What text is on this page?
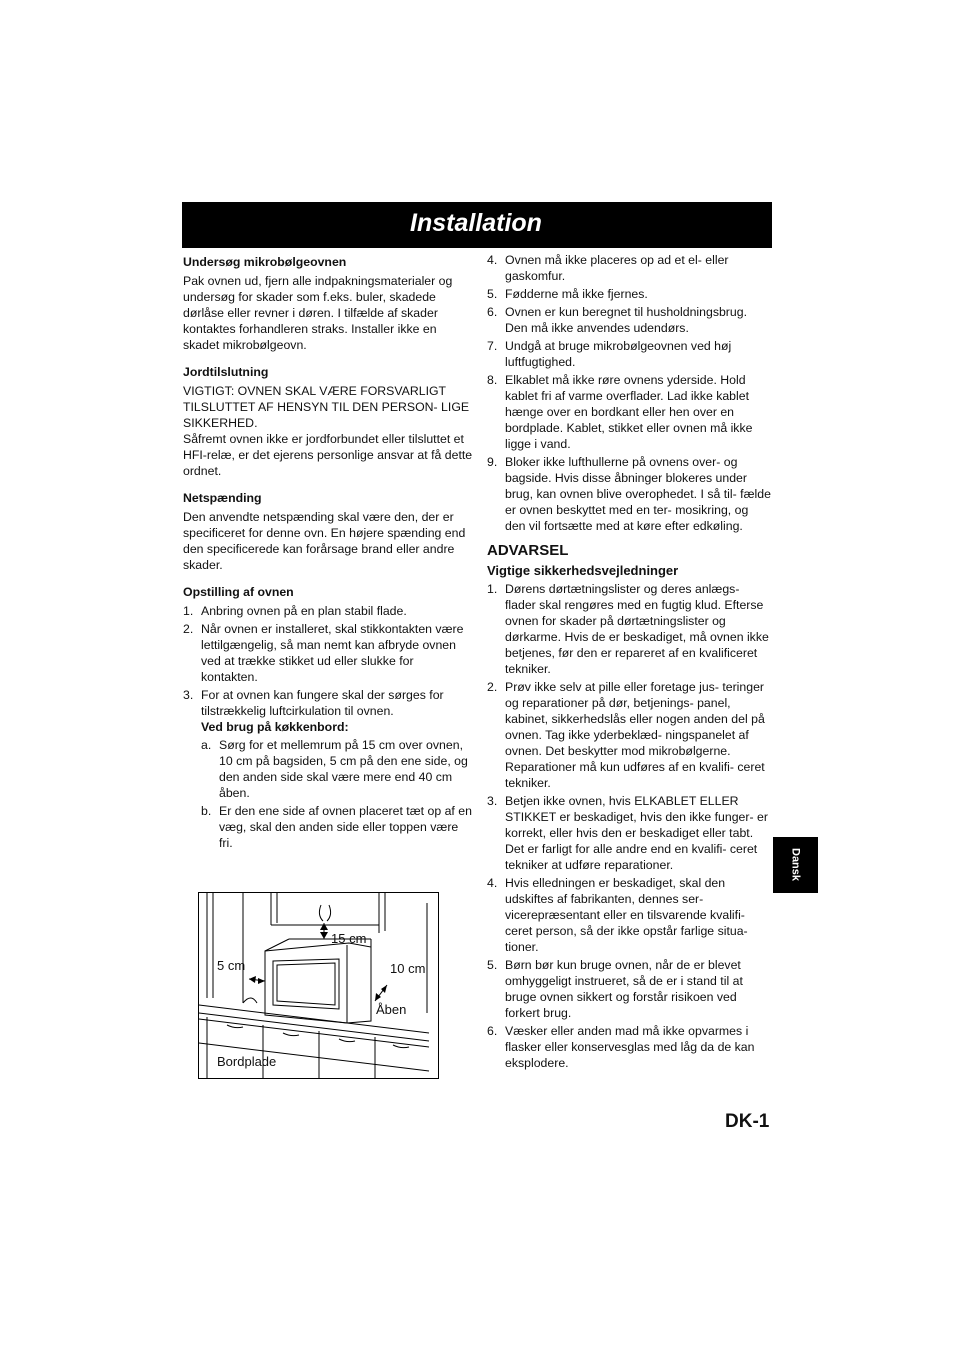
Installation
Undersøg mikrobølgeovnen

Pak ovnen ud, fjern alle indpakningsmaterialer og undersøg for skader som f.eks. buler, skadede dørlåse eller revner i døren. I tilfælde af skader kontaktes forhandleren straks. Installer ikke en skadet mikrobølgeovn.

Jordtilslutning

VIGTIGT: OVNEN SKAL VÆRE FORSVARLIGT TILSLUTTET AF HENSYN TIL DEN PERSON- LIGE SIKKERHED.

Såfremt ovnen ikke er jordforbundet eller tilsluttet et HFI-relæ, er det ejerens personlige ansvar at få dette ordnet.

Netspænding

Den anvendte netspænding skal være den, der er specificeret for denne ovn. En højere spænding end den specificerede kan forårsage brand eller andre skader.

Opstilling af ovnen
1. Anbring ovnen på en plan stabil flade.
2. Når ovnen er installeret, skal stikkontakten være lettilgængelig, så man nemt kan afbryde ovnen ved at trække stikket ud eller slukke for kontakten.
3. For at ovnen kan fungere skal der sørges for tilstrækkelig luftcirkulation til ovnen.
Ved brug på køkkenbord:
a. Sørg for et mellemrum på 15 cm over ovnen, 10 cm på bagsiden, 5 cm på den ene side, og den anden side skal være mere end 40 cm åben.
b. Er den ene side af ovnen placeret tæt op af en væg, skal den anden side eller toppen være fri.
15 cm
5 cm	10 cm
Åben
Bordplade
4. Ovnen må ikke placeres op ad et el- eller gaskomfur.
5. Fødderne må ikke fjernes.
6. Ovnen er kun beregnet til husholdningsbrug. Den må ikke anvendes udendørs.
7. Undgå at bruge mikrobølgeovnen ved høj luftfugtighed.
8. Elkablet må ikke røre ovnens yderside. Hold kablet fri af varme overflader. Lad ikke kablet hænge over en bordkant eller hen over en bordplade. Kablet, stikket eller ovnen må ikke ligge i vand.
9. Bloker ikke lufthullerne på ovnens over- og bagside. Hvis disse åbninger blokeres under brug, kan ovnen blive overophedet. I så til- fælde er ovnen beskyttet med en ter- mosikring, og den vil fortsætte med at køre efter edkøling.
ADVARSEL
Vigtige sikkerhedsvejledninger
1. Dørens dørtætningslister og deres anlægs- flader skal rengøres med en fugtig klud. Efterse ovnen for skader på dørtætningslister og dørkarme. Hvis de er beskadiget, må ovnen ikke betjenes, før den er repareret af en kvalificeret tekniker.
2. Prøv ikke selv at pille eller foretage jus- teringer og reparationer på dør, betjenings- panel, kabinet, sikkerhedslås eller nogen anden del på ovnen. Tag ikke yderbeklæd- ningspanelet af ovnen. Det beskytter mod mikrobølgerne.
Reparationer må kun udføres af en kvalifi- ceret tekniker.
3. Betjen ikke ovnen, hvis ELKABLET ELLER STIKKET er beskadiget, hvis den ikke funger- er korrekt, eller hvis den er beskadiget eller tabt. Det er farligt for alle andre end en kvalifi- ceret tekniker at udføre reparationer.
4. Hvis elledningen er beskadiget, skal den udskiftes af fabrikanten, dennes ser- vicerepræsentant eller en tilsvarende kvalifi- ceret person, så der ikke opstår farlige situa- tioner.
5. Børn bør kun bruge ovnen, når de er blevet omhyggeligt instrueret, så de er i stand til at bruge ovnen sikkert og forstår risikoen ved forkert brug.
6. Væsker eller anden mad må ikke opvarmes i flasker eller konservesglas med låg da de kan eksplodere.
Dansk
DK-1
